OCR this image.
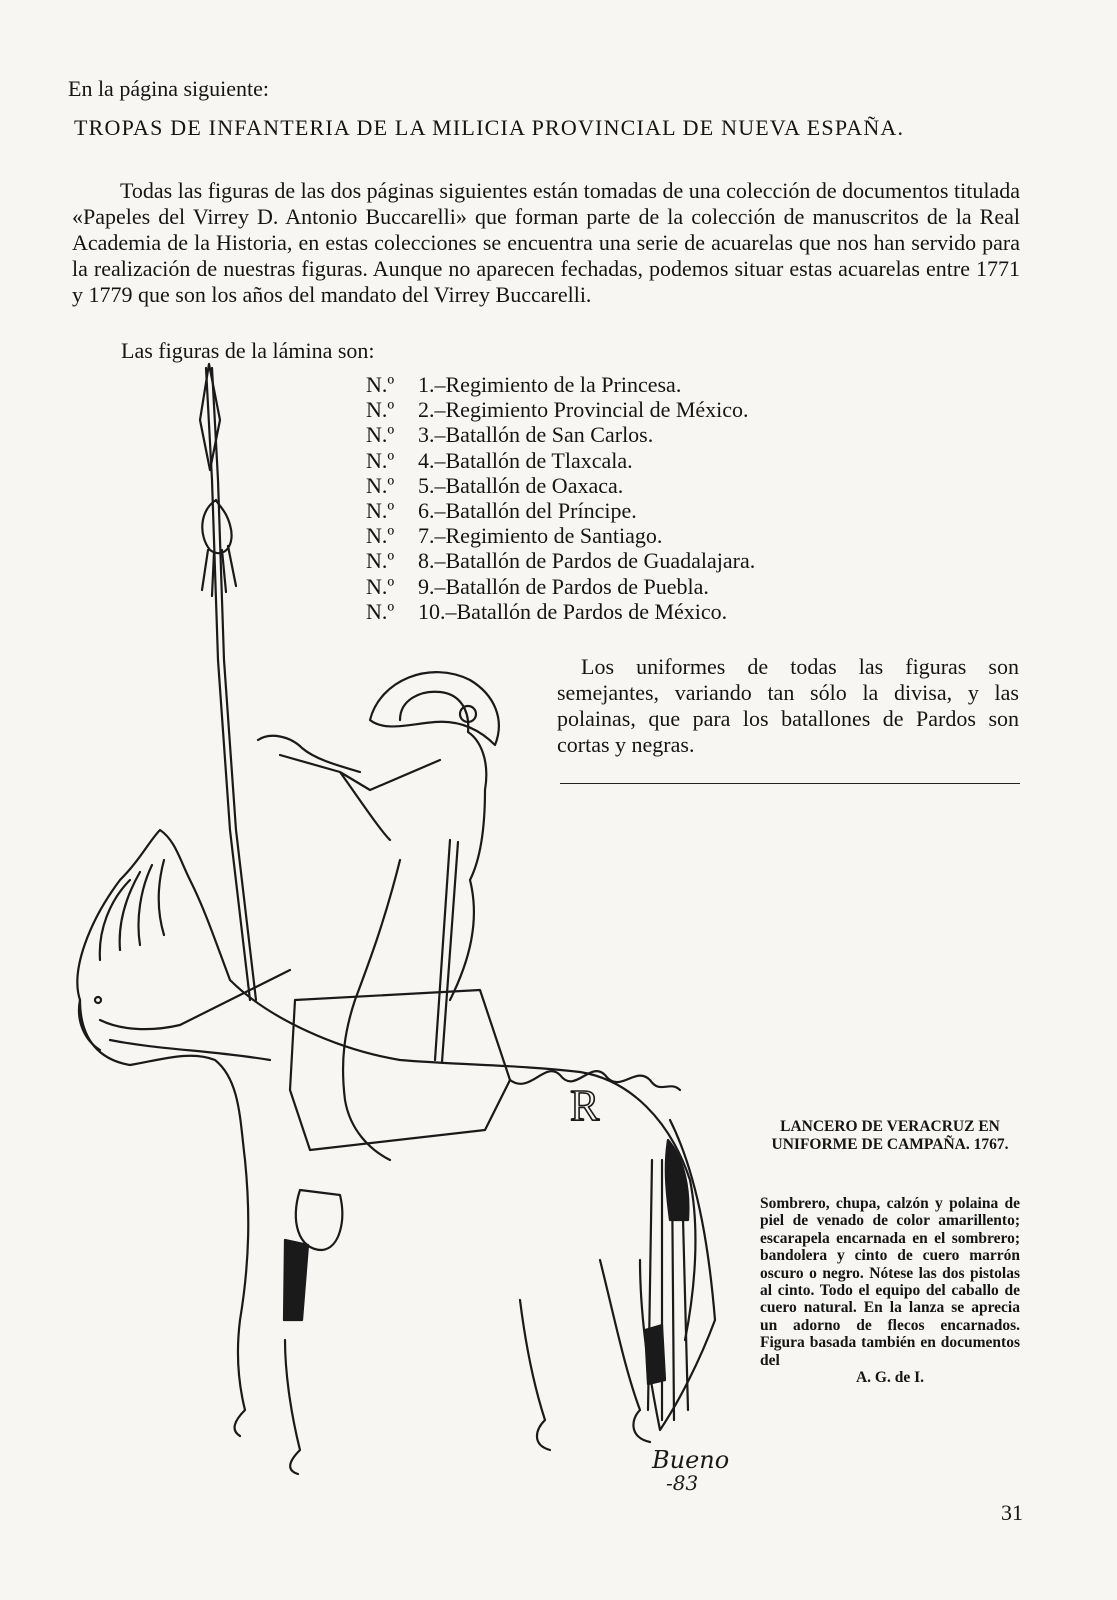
En la página siguiente:
TROPAS DE INFANTERIA DE LA MILICIA PROVINCIAL DE NUEVA ESPAÑA.

Todas las figuras de las dos páginas siguientes están tomadas de una colección de documentos titulada «Papeles del Virrey D. Antonio Buccarelli» que forman parte de la colección de manuscritos de la Real Academia de la Historia, en estas colecciones se encuentra una serie de acuarelas que nos han servido para la realización de nuestras figuras. Aunque no aparecen fechadas, podemos situar estas acuarelas entre 1771 y 1779 que son los años del mandato del Virrey Buccarelli.

Las figuras de la lámina son:
N.º	1.–Regimiento de la Princesa.
N.º	2.–Regimiento Provincial de México.
N.º	3.–Batallón de San Carlos.
N.º	4.–Batallón de Tlaxcala.
N.º	5.–Batallón de Oaxaca.
N.º	6.–Batallón del Príncipe.
N.º	7.–Regimiento de Santiago.
N.º	8.–Batallón de Pardos de Guadalajara.
N.º	9.–Batallón de Pardos de Puebla.
N.º	10.–Batallón de Pardos de México.

Los uniformes de todas las figuras son semejantes, variando tan sólo la divisa, y las polainas, que para los batallones de Pardos son cortas y negras.

R
Bueno
-83
LANCERO DE VERACRUZ EN UNIFORME DE CAMPAÑA. 1767.
Sombrero, chupa, calzón y polaina de piel de venado de color amarillento; escarapela encarnada en el sombrero; bandolera y cinto de cuero marrón oscuro o negro. Nótese las dos pistolas al cinto. Todo el equipo del caballo de cuero natural. En la lanza se aprecia un adorno de flecos encarnados. Figura basada también en documentos del
A. G. de I.
31
